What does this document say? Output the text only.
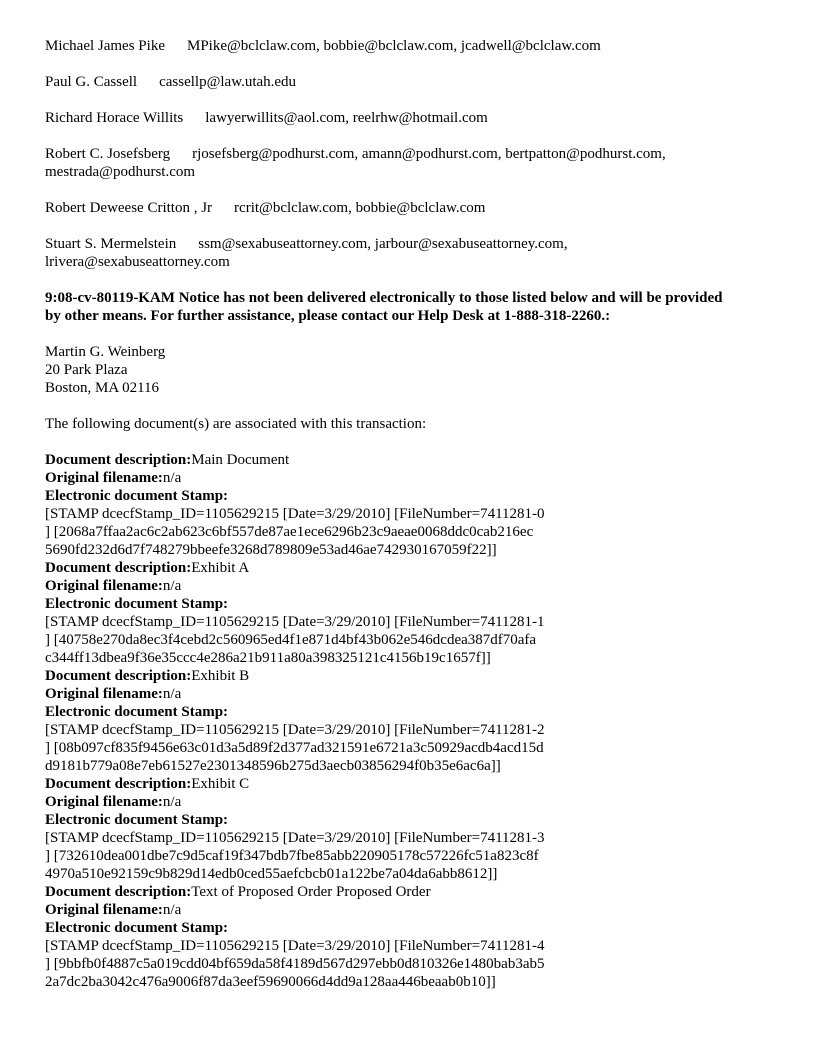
Michael James Pike MPike@bclclaw.com, bobbie@bclclaw.com, jcadwell@bclclaw.com
Paul G. Cassell cassellp@law.utah.edu
Richard Horace Willits lawyerwillits@aol.com, reelrhw@hotmail.com
Robert C. Josefsberg rjosefsberg@podhurst.com, amann@podhurst.com, bertpatton@podhurst.com,
mestrada@podhurst.com
Robert Deweese Critton , Jr rcrit@bclclaw.com, bobbie@bclclaw.com
Stuart S. Mermelstein ssm@sexabuseattorney.com, jarbour@sexabuseattorney.com,
lrivera@sexabuseattorney.com
9:08-cv-80119-KAM Notice has not been delivered electronically to those listed below and will be provided
by other means. For further assistance, please contact our Help Desk at 1-888-318-2260.:
Martin G. Weinberg
20 Park Plaza
Boston, MA 02116
The following document(s) are associated with this transaction:
Document description:Main Document
Original filename:n/a
Electronic document Stamp:
[STAMP dcecfStamp_ID=1105629215 [Date=3/29/2010] [FileNumber=7411281-0
] [2068a7ffaa2ac6c2ab623c6bf557de87ae1ece6296b23c9aeae0068ddc0cab216ec
5690fd232d6d7f748279bbeefe3268d789809e53ad46ae742930167059f22]]
Document description:Exhibit A
Original filename:n/a
Electronic document Stamp:
[STAMP dcecfStamp_ID=1105629215 [Date=3/29/2010] [FileNumber=7411281-1
] [40758e270da8ec3f4cebd2c560965ed4f1e871d4bf43b062e546dcdea387df70afa
c344ff13dbea9f36e35ccc4e286a21b911a80a398325121c4156b19c1657f]]
Document description:Exhibit B
Original filename:n/a
Electronic document Stamp:
[STAMP dcecfStamp_ID=1105629215 [Date=3/29/2010] [FileNumber=7411281-2
] [08b097cf835f9456e63c01d3a5d89f2d377ad321591e6721a3c50929acdb4acd15d
d9181b779a08e7eb61527e2301348596b275d3aecb03856294f0b35e6ac6a]]
Document description:Exhibit C
Original filename:n/a
Electronic document Stamp:
[STAMP dcecfStamp_ID=1105629215 [Date=3/29/2010] [FileNumber=7411281-3
] [732610dea001dbe7c9d5caf19f347bdb7fbe85abb220905178c57226fc51a823c8f
4970a510e92159c9b829d14edb0ced55aefcbcb01a122be7a04da6abb8612]]
Document description:Text of Proposed Order Proposed Order
Original filename:n/a
Electronic document Stamp:
[STAMP dcecfStamp_ID=1105629215 [Date=3/29/2010] [FileNumber=7411281-4
] [9bbfb0f4887c5a019cdd04bf659da58f4189d567d297ebb0d810326e1480bab3ab5
2a7dc2ba3042c476a9006f87da3eef59690066d4dd9a128aa446beaab0b10]]
